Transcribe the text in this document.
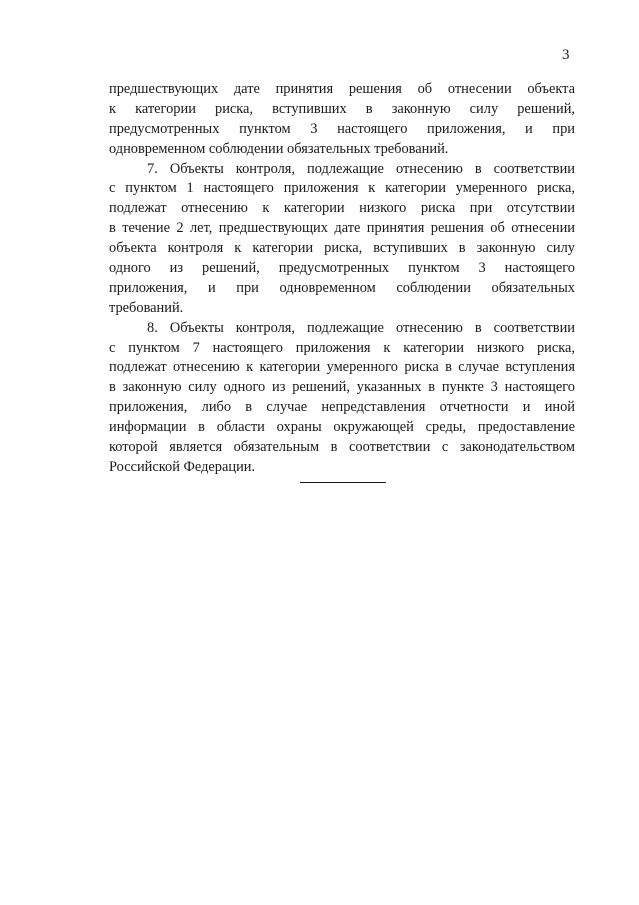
3
предшествующих дате принятия решения об отнесении объекта
к категории риска, вступивших в законную силу решений,
предусмотренных пунктом 3 настоящего приложения, и при
одновременном соблюдении обязательных требований.
7. Объекты контроля, подлежащие отнесению в соответствии
с пунктом 1 настоящего приложения к категории умеренного риска,
подлежат отнесению к категории низкого риска при отсутствии
в течение 2 лет, предшествующих дате принятия решения об отнесении
объекта контроля к категории риска, вступивших в законную силу
одного из решений, предусмотренных пунктом 3 настоящего
приложения, и при одновременном соблюдении обязательных
требований.
8. Объекты контроля, подлежащие отнесению в соответствии
с пунктом 7 настоящего приложения к категории низкого риска,
подлежат отнесению к категории умеренного риска в случае вступления
в законную силу одного из решений, указанных в пункте 3 настоящего
приложения, либо в случае непредставления отчетности и иной
информации в области охраны окружающей среды, предоставление
которой является обязательным в соответствии с законодательством
Российской Федерации.
